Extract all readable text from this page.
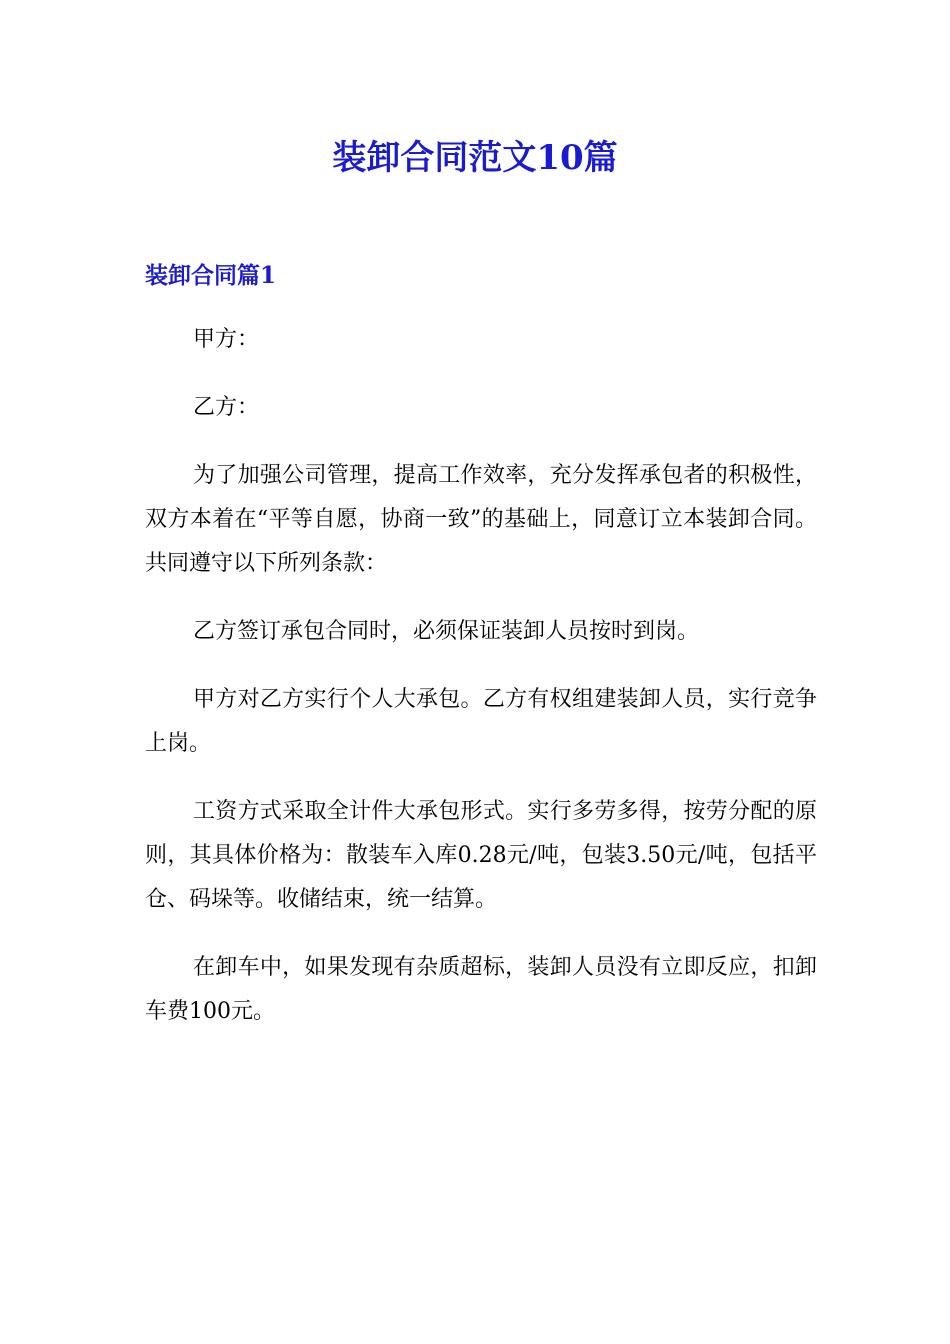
装卸合同范文10篇
装卸合同篇1

甲方：

乙方：

为了加强公司管理，提高工作效率，充分发挥承包者的积极性，双方本着在“平等自愿，协商一致”的基础上，同意订立本装卸合同。共同遵守以下所列条款：

乙方签订承包合同时，必须保证装卸人员按时到岗。

甲方对乙方实行个人大承包。乙方有权组建装卸人员，实行竞争上岗。

工资方式采取全计件大承包形式。实行多劳多得，按劳分配的原则，其具体价格为：散装车入库0.28元/吨，包装3.50元/吨，包括平仓、码垛等。收储结束，统一结算。

在卸车中，如果发现有杂质超标，装卸人员没有立即反应，扣卸车费100元。
